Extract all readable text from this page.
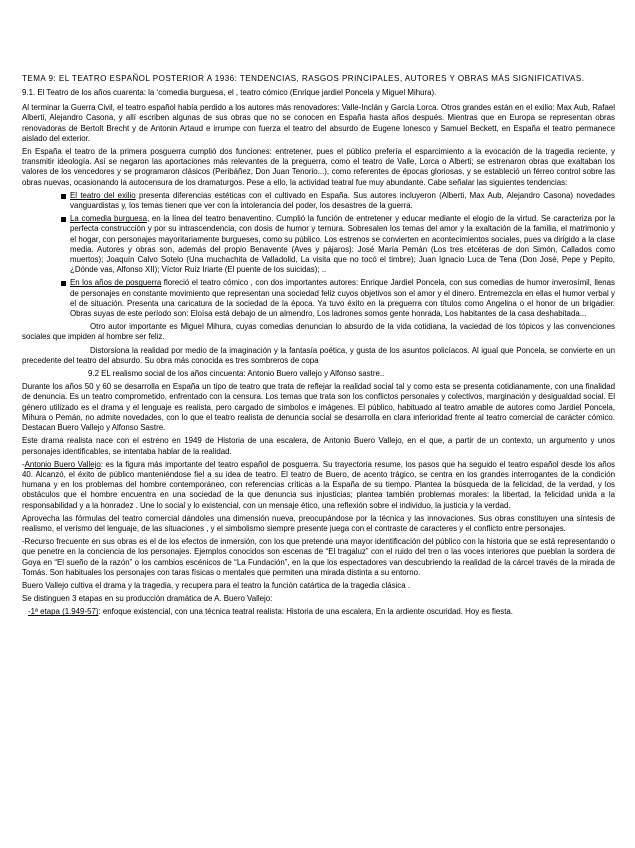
TEMA 9: EL TEATRO ESPAÑOL POSTERIOR A 1936: TENDENCIAS, RASGOS PRINCIPALES, AUTORES Y OBRAS MÁS SIGNIFICATIVAS.

9.1. El Teatro de los años cuarenta: la ‘comedia burguesa, el , teatro cómico (Enrique jardiel Poncela y Miguel Mihura).

Al terminar la Guerra Civil, el teatro español había perdido a los autores más renovadores: Valle-Inclán y García Lorca. Otros grandes están en el exilio: Max Aub, Rafael Alberti, Alejandro Casona, y allí escriben algunas de sus obras que no se conocen en España hasta años después. Mientras que en Europa se representan obras renovadoras de Bertolt Brecht y de Antonin Artaud e irrumpe con fuerza el teatro del absurdo de Eugene Ionesco y Samuel Beckett, en España el teatro permanece aislado del exterior.

En España el teatro de la primera posguerra cumplió dos funciones: entretener, pues el público prefería el esparcimiento a la evocación de la tragedia reciente, y transmitir ideología. Así se negaron las aportaciones más relevantes de la preguerra, como el teatro de Valle, Lorca o Alberti; se estrenaron obras que exaltaban los valores de los vencedores y se programaron clásicos (Peribáñez, Don Juan Tenorio...), como referentes de épocas gloriosas, y se estableció un férreo control sobre las obras nuevas, ocasionando la autocensura de los dramaturgos. Pese a ello, la actividad teatral fue muy abundante. Cabe señalar las siguientes tendencias:

El teatro del exilio presenta diferencias estéticas con el cultivado en España. Sus autores incluyeron (Alberti, Max Aub, Alejandro Casona) novedades vanguardistas y, los temas tienen que ver con la intolerancia del poder, los desastres de la guerra.

La comedia burguesa, en la línea del teatro benaventino. Cumplió la función de entretener y educar mediante el elogio de la virtud. Se caracteriza por la perfecta construcción y por su intrascendencia, con dosis de humor y ternura. Sobresalen los temas del amor y la exaltación de la familia, el matrimonio y el hogar, con personajes mayoritariamente burgueses, como su público. Los estrenos se convierten en acontecimientos sociales, pues va dirigido a la clase media. Autores y obras son, además del propio Benavente (Aves y pájaros): José María Pemán (Los tres etcéteras de don Simón, Callados como muertos); Joaquín Calvo Sotelo (Una muchachita de Valladolid, La visita que no tocó el timbre); Juan Ignacio Luca de Tena (Don José, Pepe y Pepito, ¿Dónde vas, Alfonso XII); Víctor Ruiz Iriarte (El puente de los suicidas); ..

En los años de posguerra floreció el teatro cómico , con dos importantes autores: Enrique Jardiel Poncela, con sus comedias de humor inverosímil, llenas de personajes en constante movimiento que representan una sociedad feliz cuyos objetivos son el amor y el dinero. Entremezcla en ellas el humor verbal y el de situación. Presenta una caricatura de la sociedad de la época. Ya tuvo éxito en la preguerra con títulos como Angelina o el honor de un brigadier. Obras suyas de este período son: Eloísa está debajo de un almendro, Los ladrones somos gente honrada, Los habitantes de la casa deshabitada...

Otro autor importante es Miguel Mihura, cuyas comedias denuncian lo absurdo de la vida cotidiana, la vaciedad de los tópicos y las convenciones sociales que impiden al hombre ser feliz.

Distorsiona la realidad por medio de la imaginación y la fantasía poética, y gusta de los asuntos policíacos. Al igual que Poncela, se convierte en un precedente del teatro del absurdo. Su obra más conocida es tres sombreros de copa

9.2 EL realismo social de los años cincuenta: Antonio Buero vallejo y Alfonso sastre..

Durante los años 50 y 60 se desarrolla en España un tipo de teatro que trata de reflejar la realidad social tal y como esta se presenta cotidianamente, con una finalidad de denuncia. Es un teatro comprometido, enfrentado con la censura. Los temas que trata son los conflictos personales y colectivos, marginación y desigualdad social. El género utilizado es el drama y el lenguaje es realista, pero cargado de símbolos e imágenes. El público, habituado al teatro amable de autores como Jardiel Poncela, Mihura o Pemán, no admite novedades, con lo que el teatro realista de denuncia social se desarrolla en clara inferioridad frente al teatro comercial de carácter cómico. Destacan Buero Vallejo y Alfonso Sastre.

Este drama realista nace con el estreno en 1949 de Historia de una escalera, de Antonio Buero Vallejo, en el que, a partir de un contexto, un argumento y unos personajes identificables, se intentaba hablar de la realidad.

-Antonio Buero Vallejo: es la figura más importante del teatro español de posguerra. Su trayectoria resume, los pasos que ha seguido el teatro español desde los años 40. Alcanzó, el éxito de público manteniéndose fiel a su idea de teatro. El teatro de Buero, de acento trágico, se centra en los grandes interrogantes de la condición humana y en los problemas del hombre contemporáneo, con referencias críticas a la España de su tiempo. Plantea la búsqueda de la felicidad, de la verdad, y los obstáculos que el hombre encuentra en una sociedad de la que denuncia sus injusticias; plantea también problemas morales: la libertad, la felicidad unida a la responsabilidad y a la honradez . Une lo social y lo existencial, con un mensaje ético, una reflexión sobre el individuo, la justicia y la verdad.

Aprovecha las fórmulas del teatro comercial dándoles una dimensión nueva, preocupándose por la técnica y las innovaciones. Sus obras constituyen una síntesis de realismo, el verismo del lenguaje, de las situaciones , y el simbolismo siempre presente juega con el contraste de caracteres y el conflicto entre personajes.

-Recurso frecuente en sus obras es el de los efectos de inmersión, con los que pretende una mayor identificación del público con la historia que se está representando o que penetre en la conciencia de los personajes. Ejemplos conocidos son escenas de “El tragaluz” con el ruido del tren o las voces interiores que pueblan la sordera de Goya en “El sueño de la razón” o los cambios escénicos de “La Fundación”, en la que los espectadores van descubriendo la realidad de la cárcel través de la mirada de Tomás. Son habituales los personajes con taras físicas o mentales que permiten una mirada distinta a su entorno.

Buero Vallejo cultiva el drama y la tragedia, y recupera para el teatro la función catártica de la tragedia clásica .

Se distinguen 3 etapas en su producción dramática de A. Buero Vallejo:

-1ª etapa (1.949-57): enfoque existencial, con una técnica teatral realista: Historia de una escalera, En la ardiente oscuridad. Hoy es fiesta.
